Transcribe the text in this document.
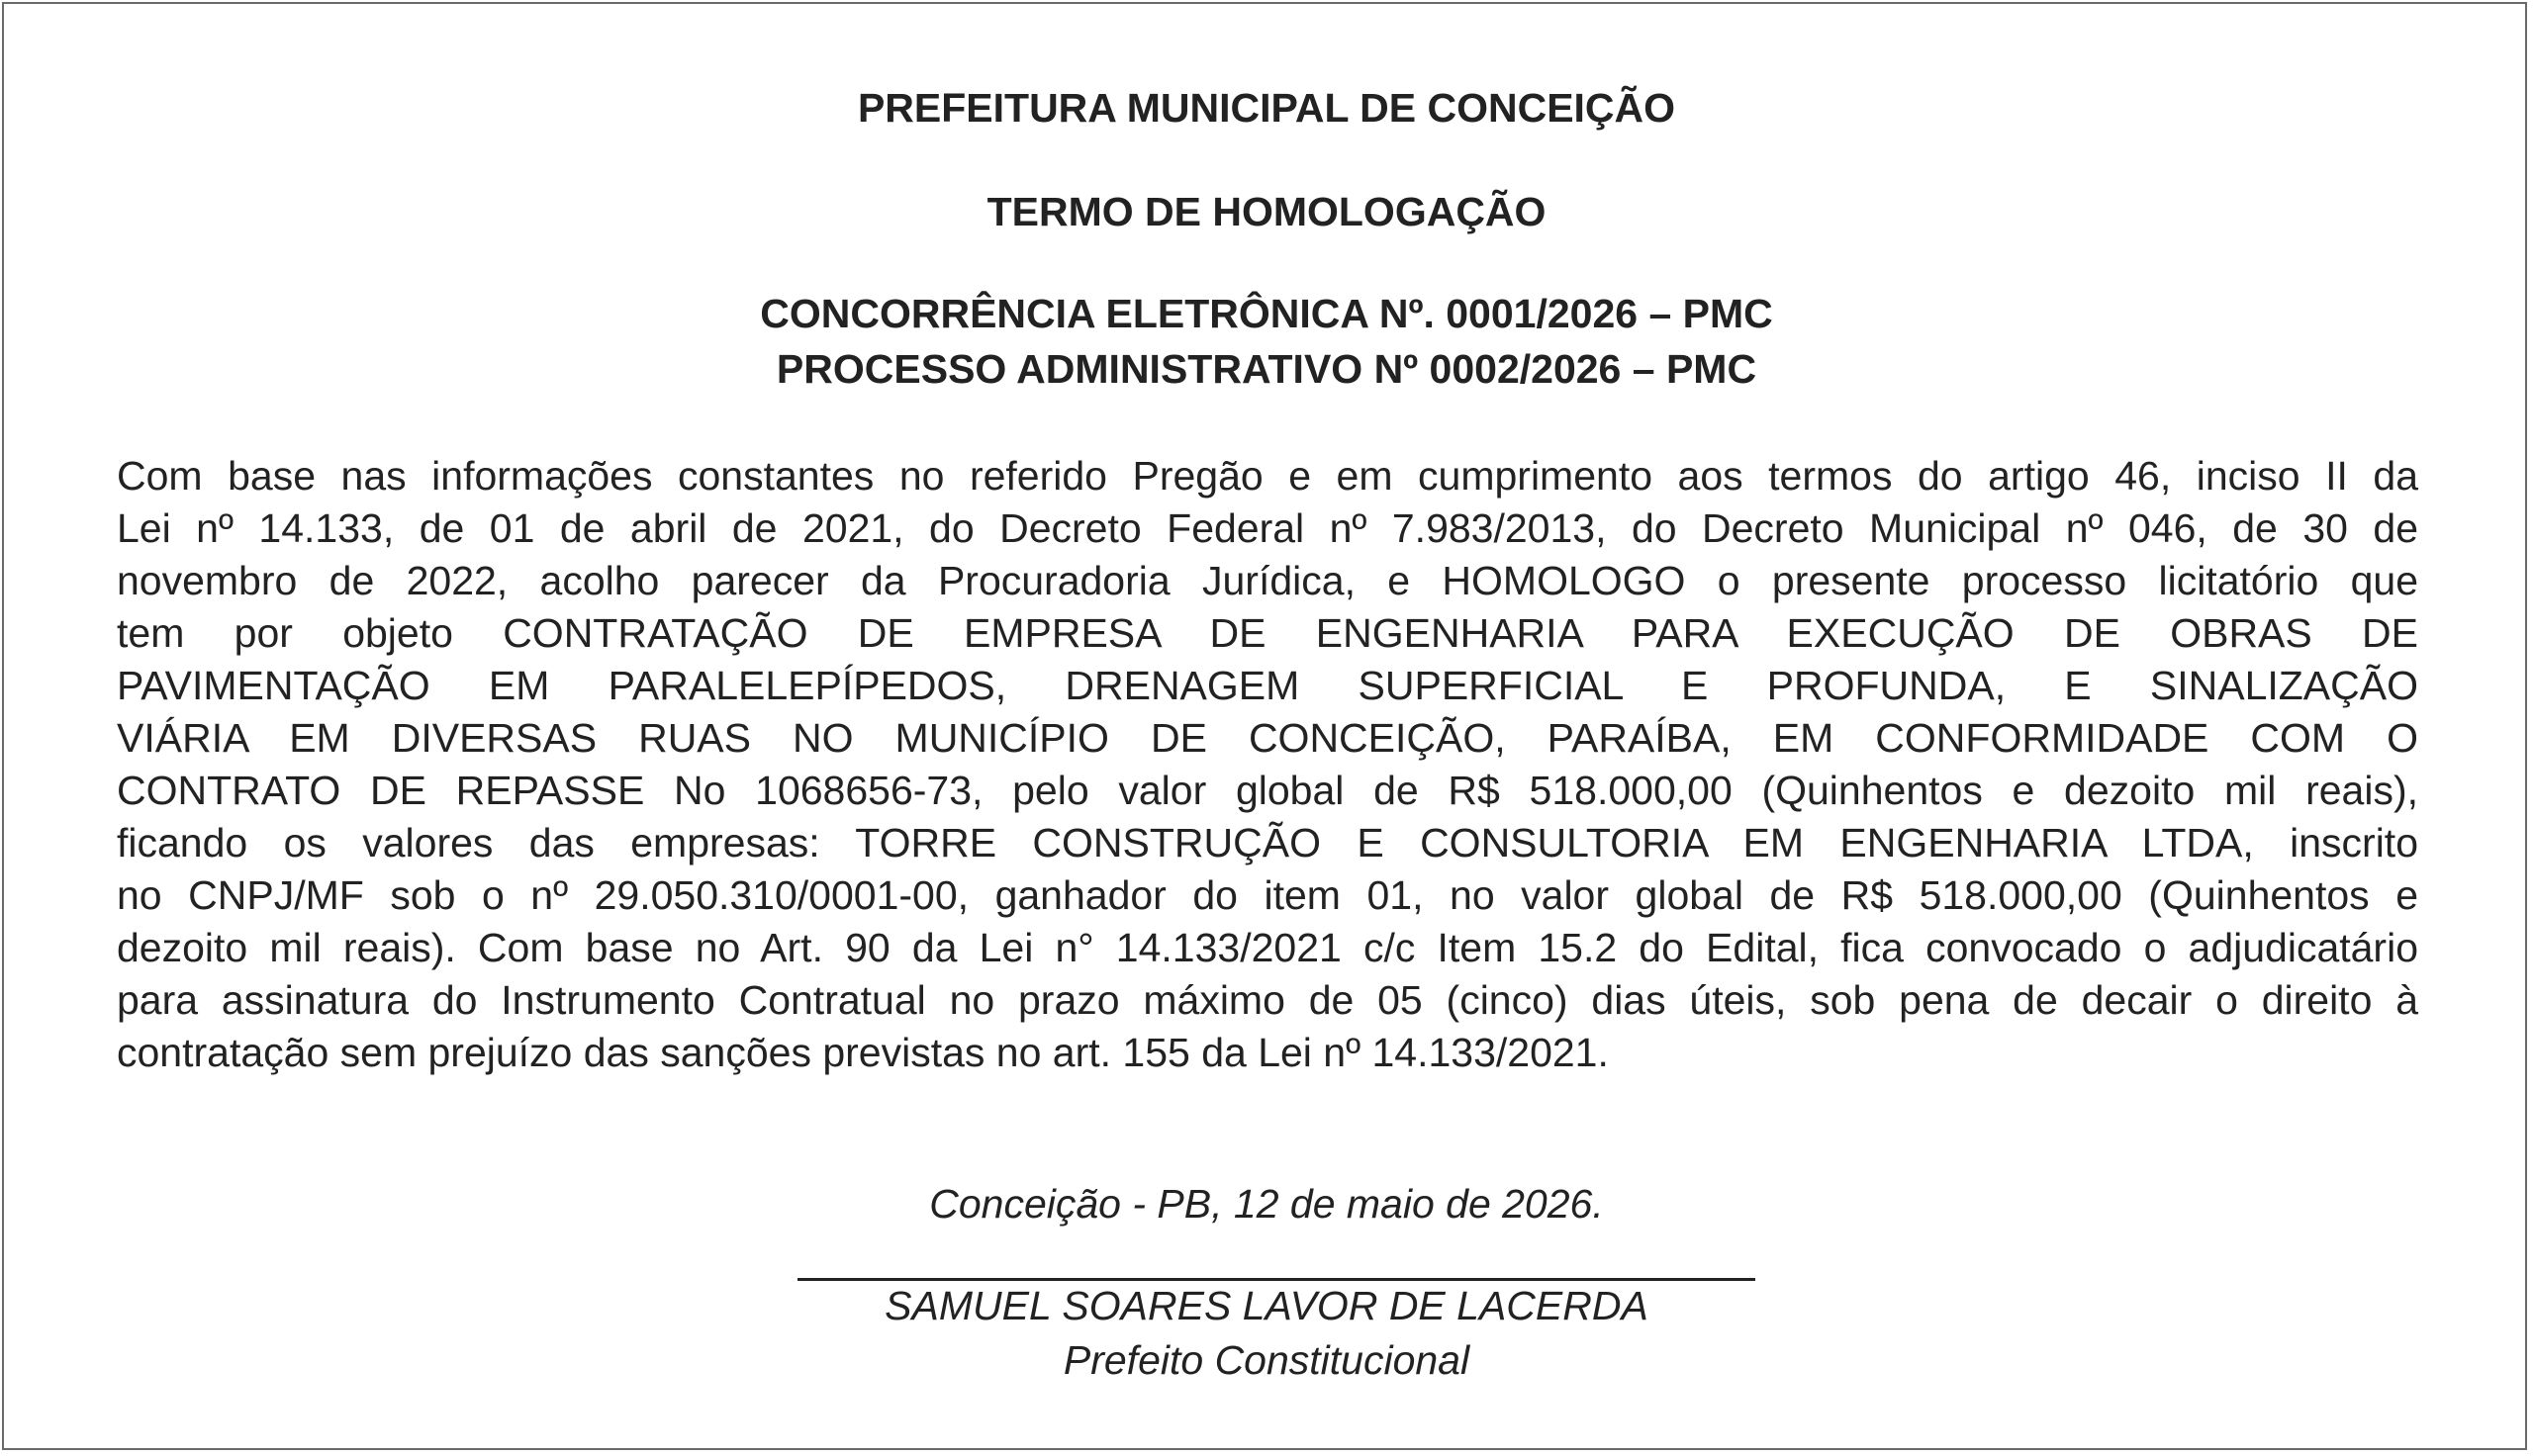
PREFEITURA MUNICIPAL DE CONCEIÇÃO
TERMO DE HOMOLOGAÇÃO
CONCORRÊNCIA ELETRÔNICA Nº. 0001/2026 – PMC
PROCESSO ADMINISTRATIVO Nº 0002/2026 – PMC
Com base nas informações constantes no referido Pregão e em cumprimento aos termos do artigo 46, inciso II da
Lei nº 14.133, de 01 de abril de 2021, do Decreto Federal nº 7.983/2013, do Decreto Municipal nº 046, de 30 de
novembro de 2022, acolho parecer da Procuradoria Jurídica, e HOMOLOGO o presente processo licitatório que
tem por objeto CONTRATAÇÃO DE EMPRESA DE ENGENHARIA PARA EXECUÇÃO DE OBRAS DE
PAVIMENTAÇÃO EM PARALELEPÍPEDOS, DRENAGEM SUPERFICIAL E PROFUNDA, E SINALIZAÇÃO
VIÁRIA EM DIVERSAS RUAS NO MUNICÍPIO DE CONCEIÇÃO, PARAÍBA, EM CONFORMIDADE COM O
CONTRATO DE REPASSE No 1068656-73, pelo valor global de R$ 518.000,00 (Quinhentos e dezoito mil reais),
ficando os valores das empresas: TORRE CONSTRUÇÃO E CONSULTORIA EM ENGENHARIA LTDA, inscrito
no CNPJ/MF sob o nº 29.050.310/0001-00, ganhador do item 01, no valor global de R$ 518.000,00 (Quinhentos e
dezoito mil reais). Com base no Art. 90 da Lei n° 14.133/2021 c/c Item 15.2 do Edital, fica convocado o adjudicatário
para assinatura do Instrumento Contratual no prazo máximo de 05 (cinco) dias úteis, sob pena de decair o direito à
contratação sem prejuízo das sanções previstas no art. 155 da Lei nº 14.133/2021.
Conceição - PB, 12 de maio de 2026.
SAMUEL SOARES LAVOR DE LACERDA
Prefeito Constitucional
